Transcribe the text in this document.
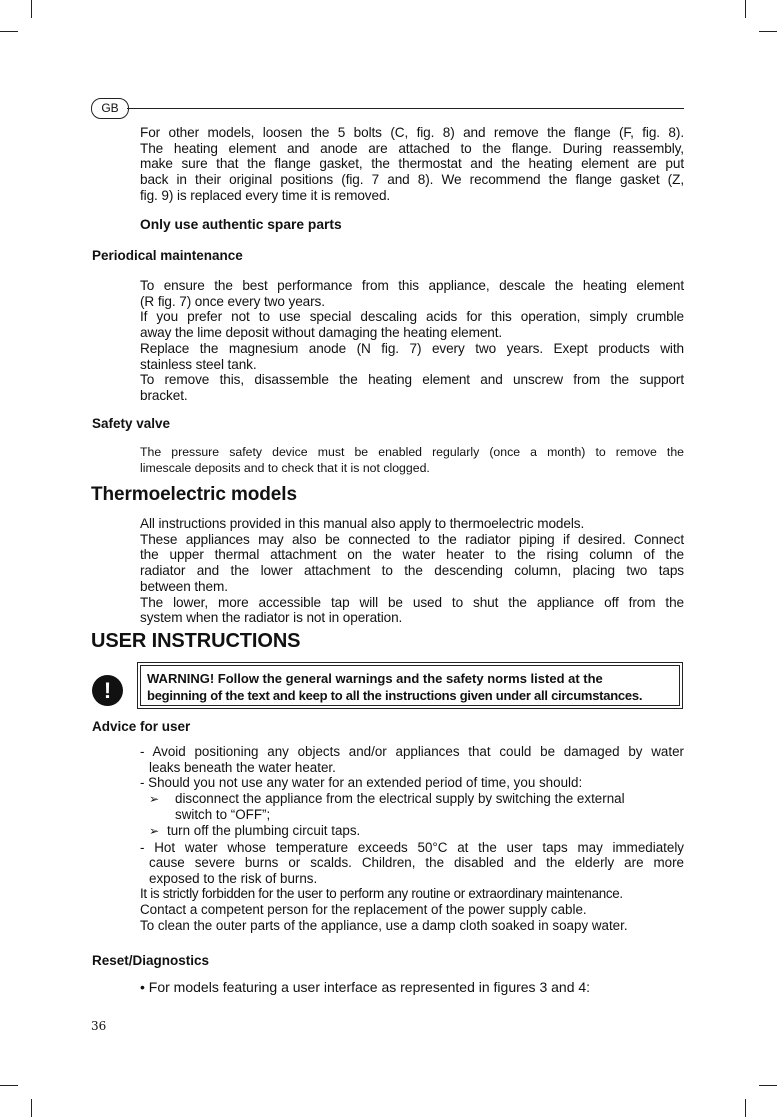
GB
For other models, loosen the 5 bolts (C, fig. 8) and remove the flange (F, fig. 8).
The heating element and anode are attached to the flange. During reassembly,
make sure that the flange gasket, the thermostat and the heating element are put
back in their original positions (fig. 7 and 8). We recommend the flange gasket (Z,
fig. 9) is replaced every time it is removed.
Only use authentic spare parts
Periodical maintenance
To ensure the best performance from this appliance, descale the heating element
(R fig. 7) once every two years.
If you prefer not to use special descaling acids for this operation, simply crumble
away the lime deposit without damaging the heating element.
Replace the magnesium anode (N fig. 7) every two years. Exept products with
stainless steel tank.
To remove this, disassemble the heating element and unscrew from the support
bracket.
Safety valve
The pressure safety device must be enabled regularly (once a month) to remove the
limescale deposits and to check that it is not clogged.
Thermoelectric models
All instructions provided in this manual also apply to thermoelectric models.
These appliances may also be connected to the radiator piping if desired. Connect
the upper thermal attachment on the water heater to the rising column of the
radiator and the lower attachment to the descending column, placing two taps
between them.
The lower, more accessible tap will be used to shut the appliance off from the
system when the radiator is not in operation.
USER INSTRUCTIONS
!	WARNING! Follow the general warnings and the safety norms listed at the
beginning of the text and keep to all the instructions given under all circumstances.
Advice for user
- Avoid positioning any objects and/or appliances that could be damaged by water
leaks beneath the water heater.
- Should you not use any water for an extended period of time, you should:
➢ disconnect the appliance from the electrical supply by switching the external
switch to “OFF”;
➢ turn off the plumbing circuit taps.
- Hot water whose temperature exceeds 50°C at the user taps may immediately
cause severe burns or scalds. Children, the disabled and the elderly are more
exposed to the risk of burns.
It is strictly forbidden for the user to perform any routine or extraordinary maintenance.
Contact a competent person for the replacement of the power supply cable.
To clean the outer parts of the appliance, use a damp cloth soaked in soapy water.
Reset/Diagnostics
• For models featuring a user interface as represented in figures 3 and 4:
36
